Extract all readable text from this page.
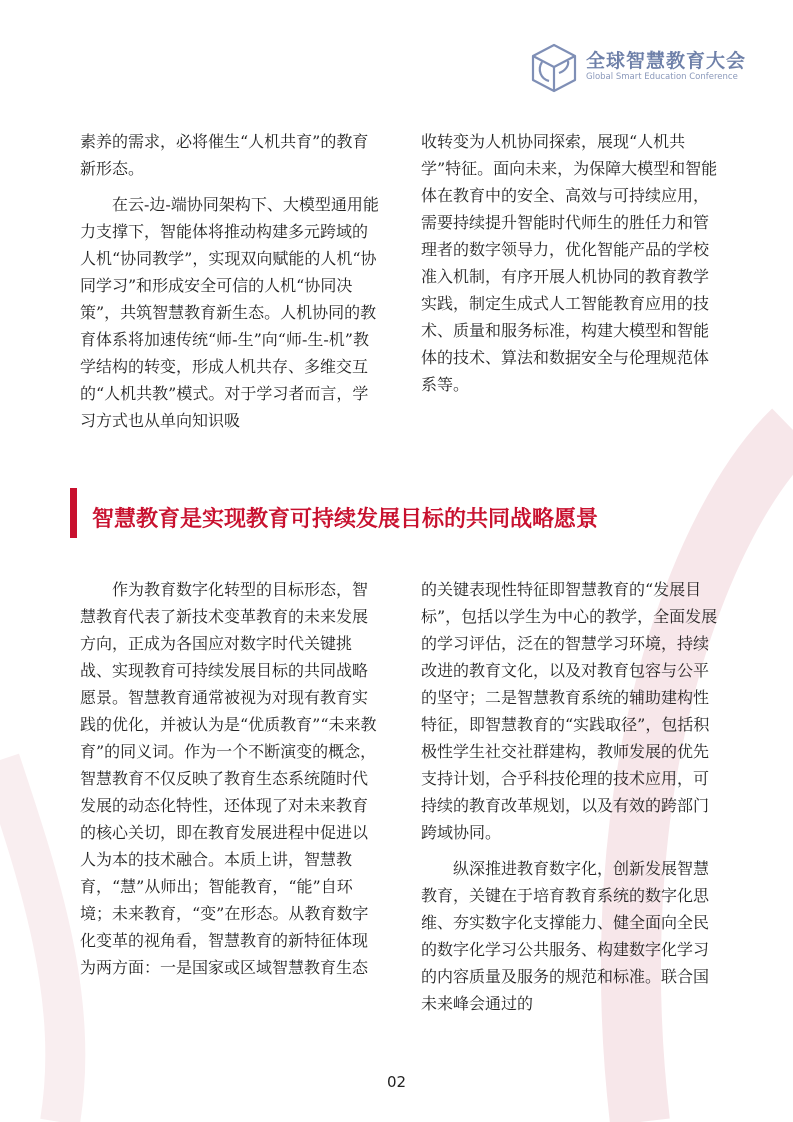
全球智慧教育大会
Global Smart Education Conference

素养的需求，必将催生“人机共育”的教育新形态。

在云-边-端协同架构下、大模型通用能力支撑下，智能体将推动构建多元跨域的人机“协同教学”，实现双向赋能的人机“协同学习”和形成安全可信的人机“协同决策”，共筑智慧教育新生态。人机协同的教育体系将加速传统“师-生”向“师-生-机”教学结构的转变，形成人机共存、多维交互的“人机共教”模式。对于学习者而言，学习方式也从单向知识吸

收转变为人机协同探索，展现“人机共学”特征。面向未来，为保障大模型和智能体在教育中的安全、高效与可持续应用，需要持续提升智能时代师生的胜任力和管理者的数字领导力，优化智能产品的学校准入机制，有序开展人机协同的教育教学实践，制定生成式人工智能教育应用的技术、质量和服务标准，构建大模型和智能体的技术、算法和数据安全与伦理规范体系等。

智慧教育是实现教育可持续发展目标的共同战略愿景

作为教育数字化转型的目标形态，智慧教育代表了新技术变革教育的未来发展方向，正成为各国应对数字时代关键挑战、实现教育可持续发展目标的共同战略愿景。智慧教育通常被视为对现有教育实践的优化，并被认为是“优质教育”“未来教育”的同义词。作为一个不断演变的概念，智慧教育不仅反映了教育生态系统随时代发展的动态化特性，还体现了对未来教育的核心关切，即在教育发展进程中促进以人为本的技术融合。本质上讲，智慧教育，“慧”从师出；智能教育，“能”自环境；未来教育，“变”在形态。从教育数字化变革的视角看，智慧教育的新特征体现为两方面：一是国家或区域智慧教育生态

的关键表现性特征即智慧教育的“发展目标”，包括以学生为中心的教学，全面发展的学习评估，泛在的智慧学习环境，持续改进的教育文化，以及对教育包容与公平的坚守；二是智慧教育系统的辅助建构性特征，即智慧教育的“实践取径”，包括积极性学生社交社群建构，教师发展的优先支持计划，合乎科技伦理的技术应用，可持续的教育改革规划，以及有效的跨部门跨域协同。

纵深推进教育数字化，创新发展智慧教育，关键在于培育教育系统的数字化思维、夯实数字化支撑能力、健全面向全民的数字化学习公共服务、构建数字化学习的内容质量及服务的规范和标准。联合国未来峰会通过的

02
